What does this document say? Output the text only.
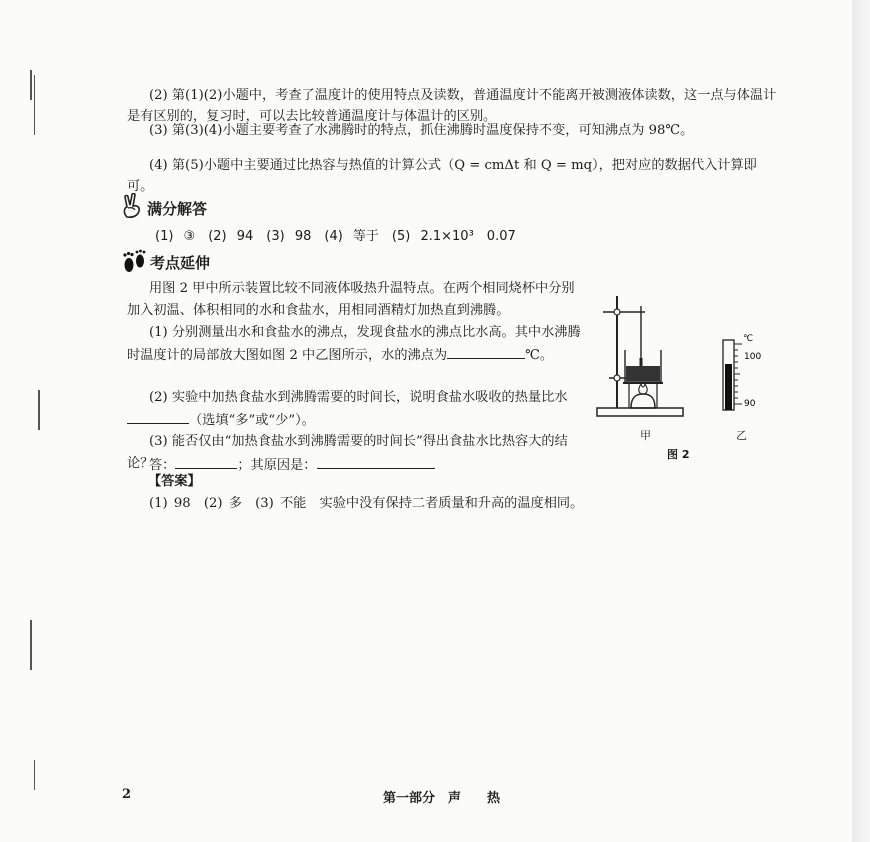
(2) 第(1)(2)小题中，考查了温度计的使用特点及读数，普通温度计不能离开被测液体读数，这一点与体温计是有区别的，复习时，可以去比较普通温度计与体温计的区别。

(3) 第(3)(4)小题主要考查了水沸腾时的特点，抓住沸腾时温度保持不变，可知沸点为 98℃。

(4) 第(5)小题中主要通过比热容与热值的计算公式（Q = cmΔt 和 Q = mq），把对应的数据代入计算即可。

满分解答
(1) ③　(2) 94　(3) 98　(4) 等于　(5) 2.1×10³　0.07
考点延伸

用图 2 甲中所示装置比较不同液体吸热升温特点。在两个相同烧杯中分别加入初温、体积相同的水和食盐水，用相同酒精灯加热直到沸腾。

(1) 分别测量出水和食盐水的沸点，发现食盐水的沸点比水高。其中水沸腾时温度计的局部放大图如图 2 中乙图所示，水的沸点为	℃。

(2) 实验中加热食盐水到沸腾需要的时间长，说明食盐水吸收的热量比水（选填“多”或“少”）。

(3) 能否仅由“加热食盐水到沸腾需要的时间长”得出食盐水比热容大的结论？

答：	；其原因是：

【答案】
(1) 98　(2) 多　(3) 不能　实验中没有保持二者质量和升高的温度相同。
℃
100
90
甲	乙
图 2
2	第一部分　声　　热
